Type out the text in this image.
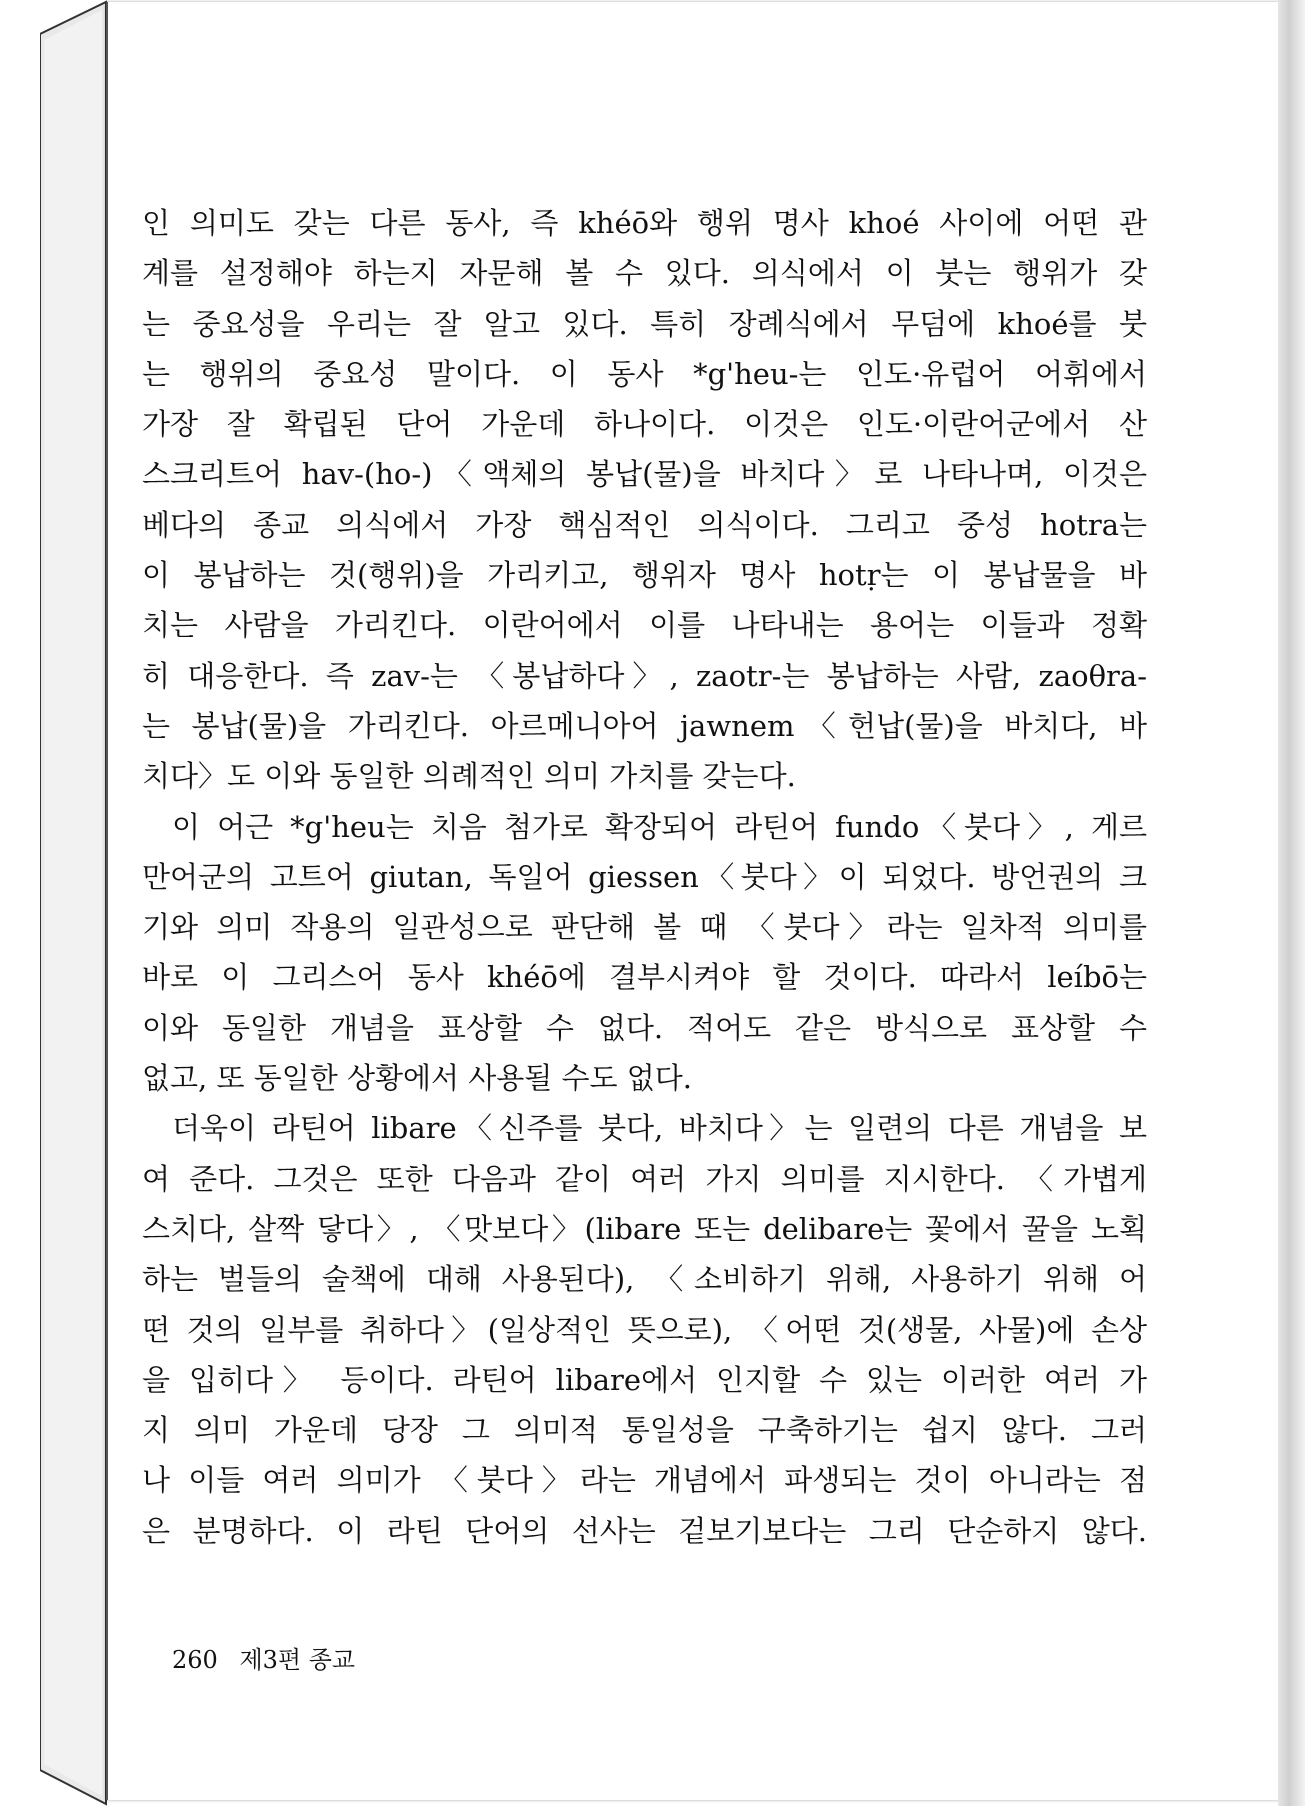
인 의미도 갖는 다른 동사, 즉 khéō와 행위 명사 khoé 사이에 어떤 관
계를 설정해야 하는지 자문해 볼 수 있다. 의식에서 이 붓는 행위가 갖
는 중요성을 우리는 잘 알고 있다. 특히 장례식에서 무덤에 khoé를 붓
는 행위의 중요성 말이다. 이 동사 *g'heu-는 인도·유럽어 어휘에서
가장 잘 확립된 단어 가운데 하나이다. 이것은 인도·이란어군에서 산
스크리트어 hav-(ho-)〈액체의 봉납(물)을 바치다〉로 나타나며, 이것은
베다의 종교 의식에서 가장 핵심적인 의식이다. 그리고 중성 hotra는
이 봉납하는 것(행위)을 가리키고, 행위자 명사 hotṛ는 이 봉납물을 바
치는 사람을 가리킨다. 이란어에서 이를 나타내는 용어는 이들과 정확
히 대응한다. 즉 zav-는 〈봉납하다〉, zaotr-는 봉납하는 사람, zaoθra-
는 봉납(물)을 가리킨다. 아르메니아어 jawnem〈헌납(물)을 바치다, 바
치다〉도 이와 동일한 의례적인 의미 가치를 갖는다.
이 어근 *g'heu는 치음 첨가로 확장되어 라틴어 fundo〈붓다〉, 게르
만어군의 고트어 giutan, 독일어 giessen〈붓다〉이 되었다. 방언권의 크
기와 의미 작용의 일관성으로 판단해 볼 때 〈붓다〉라는 일차적 의미를
바로 이 그리스어 동사 khéō에 결부시켜야 할 것이다. 따라서 leíbō는
이와 동일한 개념을 표상할 수 없다. 적어도 같은 방식으로 표상할 수
없고, 또 동일한 상황에서 사용될 수도 없다.
더욱이 라틴어 libare〈신주를 붓다, 바치다〉는 일련의 다른 개념을 보
여 준다. 그것은 또한 다음과 같이 여러 가지 의미를 지시한다. 〈가볍게
스치다, 살짝 닿다〉, 〈맛보다〉(libare 또는 delibare는 꽃에서 꿀을 노획
하는 벌들의 술책에 대해 사용된다), 〈소비하기 위해, 사용하기 위해 어
떤 것의 일부를 취하다〉(일상적인 뜻으로), 〈어떤 것(생물, 사물)에 손상
을 입히다〉 등이다. 라틴어 libare에서 인지할 수 있는 이러한 여러 가
지 의미 가운데 당장 그 의미적 통일성을 구축하기는 쉽지 않다. 그러
나 이들 여러 의미가 〈붓다〉라는 개념에서 파생되는 것이 아니라는 점
은 분명하다. 이 라틴 단어의 선사는 겉보기보다는 그리 단순하지 않다.
260 제3편 종교
